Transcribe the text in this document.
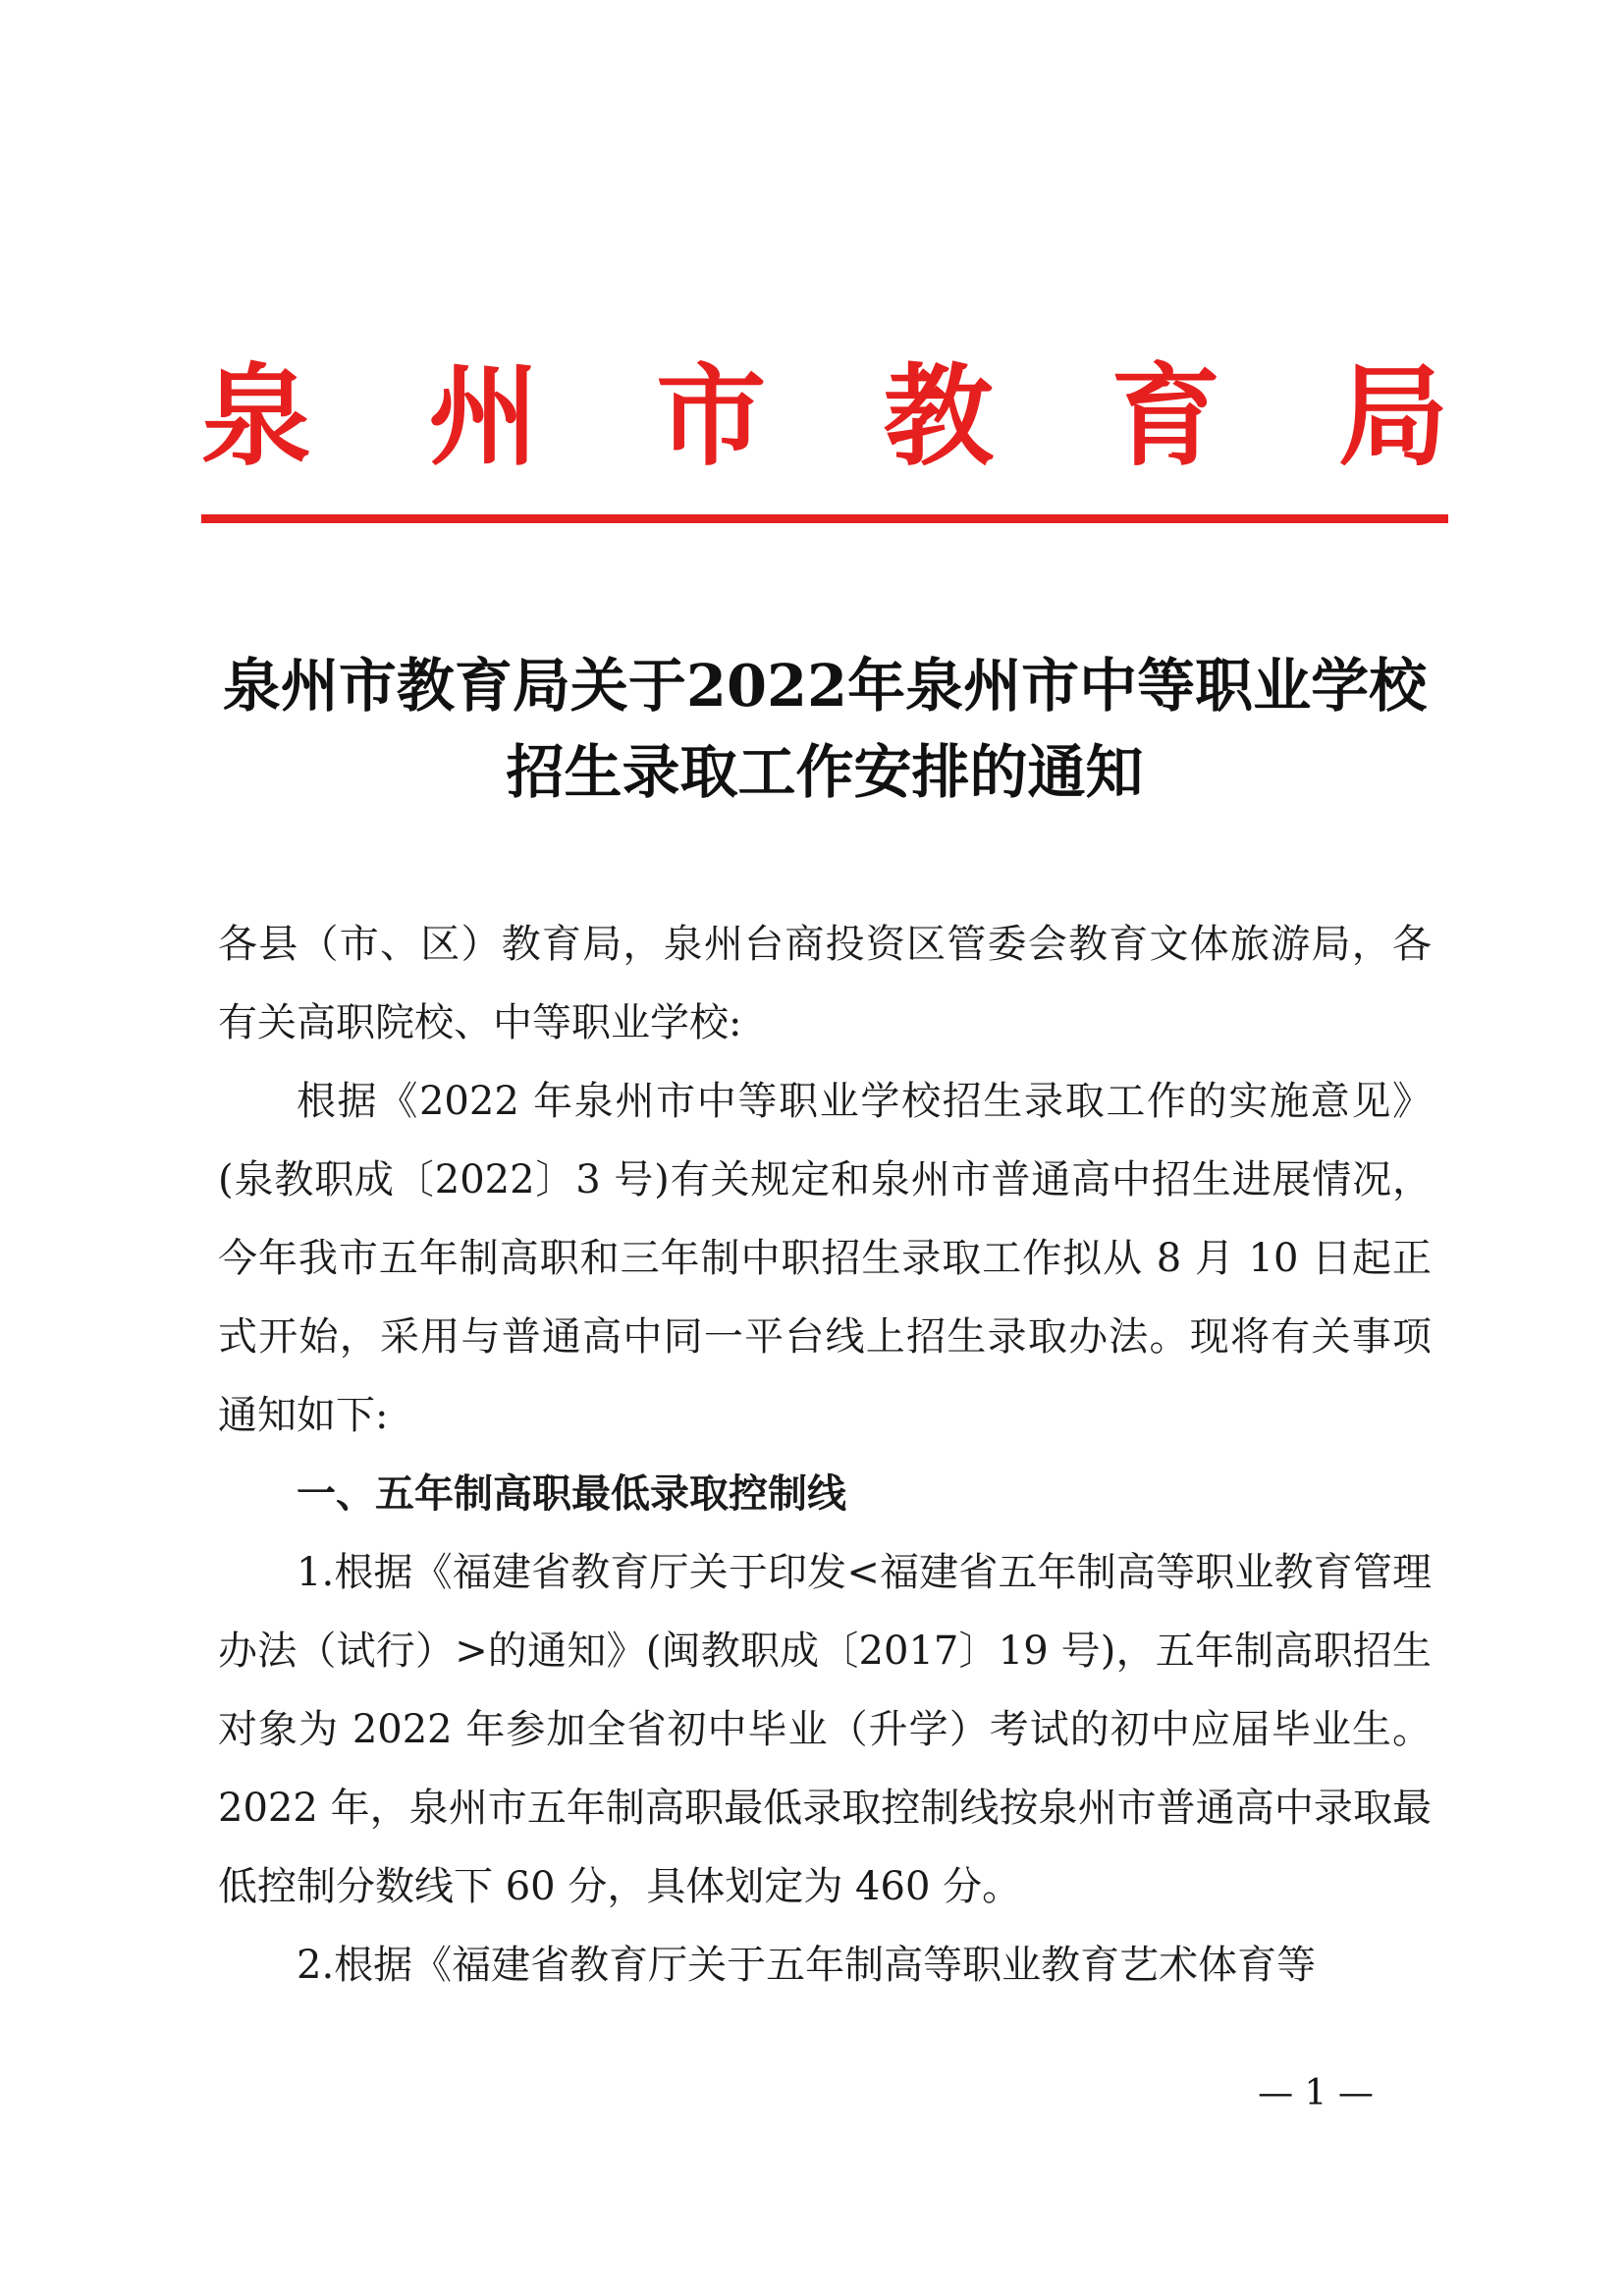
泉 州 市 教 育 局
泉州市教育局关于2022年泉州市中等职业学校
招生录取工作安排的通知

各县（市、区）教育局，泉州台商投资区管委会教育文体旅游局，各有关高职院校、中等职业学校:

根据《2022 年泉州市中等职业学校招生录取工作的实施意见》(泉教职成〔2022〕3 号)有关规定和泉州市普通高中招生进展情况，今年我市五年制高职和三年制中职招生录取工作拟从 8 月 10 日起正式开始，采用与普通高中同一平台线上招生录取办法。现将有关事项通知如下:

一、五年制高职最低录取控制线

1.根据《福建省教育厅关于印发<福建省五年制高等职业教育管理办法（试行）>的通知》(闽教职成〔2017〕19 号)，五年制高职招生对象为 2022 年参加全省初中毕业（升学）考试的初中应届毕业生。2022 年，泉州市五年制高职最低录取控制线按泉州市普通高中录取最低控制分数线下 60 分，具体划定为 460 分。

2.根据《福建省教育厅关于五年制高等职业教育艺术体育等

— 1 —
